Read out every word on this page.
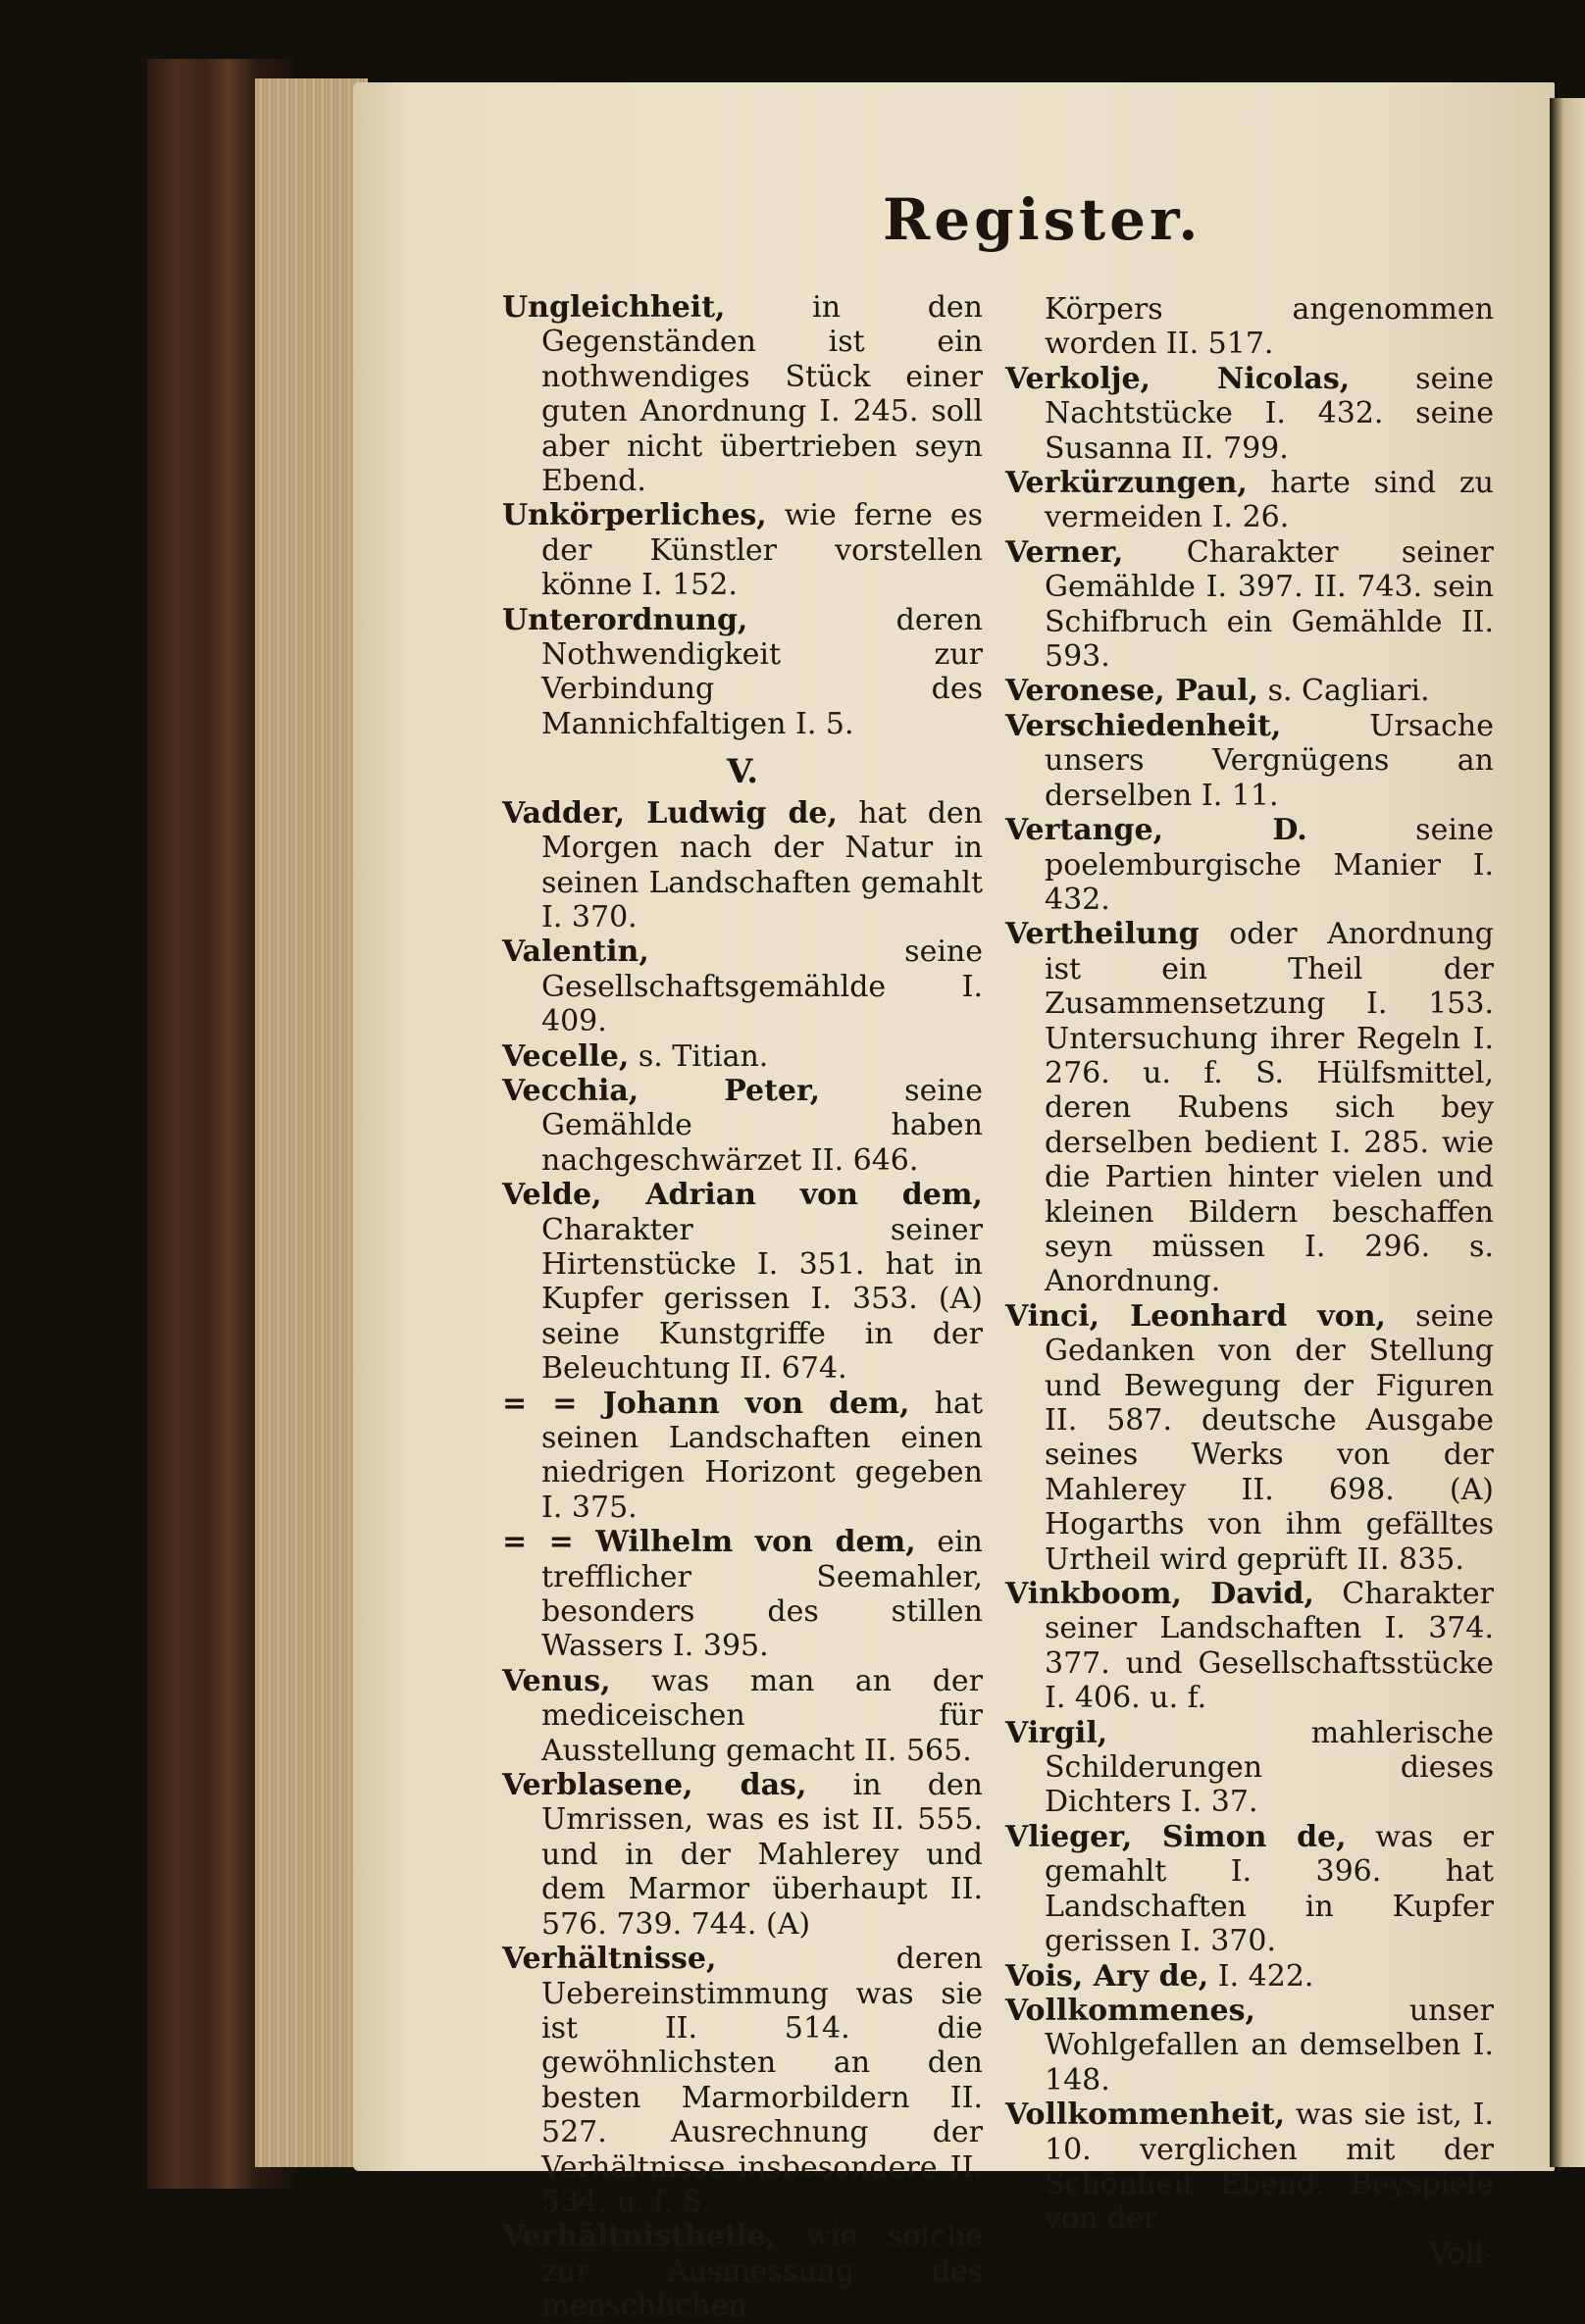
Register.

Ungleichheit,	in den Gegenständen ist ein nothwendiges Stück einer guten Anordnung I. 245. soll aber nicht übertrieben seyn Ebend.

Unkörperliches, wie ferne es der Künstler vorstellen könne I. 152.

Unterordnung,	deren Nothwendigkeit zur Verbindung des Mannichfaltigen I. 5.

V.

Vadder, Ludwig de, hat den Morgen nach der Natur in seinen Landschaften gemahlt I. 370.

Valentin,	seine Gesellschaftsgemählde I. 409.

Vecelle, s. Titian.

Vecchia, Peter,	seine Gemählde haben nachgeschwärzet II. 646.

Velde, Adrian von dem, Charakter seiner Hirtenstücke I. 351. hat in Kupfer gerissen I. 353. (A) seine Kunstgriffe in der Beleuchtung II. 674.

= = Johann von dem, hat seinen Landschaften einen niedrigen Horizont gegeben I. 375.

= = Wilhelm von dem, ein trefflicher Seemahler, besonders des stillen Wassers I. 395.

Venus, was man an der mediceischen für Ausstellung gemacht II. 565.

Verblasene, das, in den Umrissen, was es ist II. 555. und in der Mahlerey und dem Marmor überhaupt II. 576. 739. 744. (A)

Verhältnisse,	deren Uebereinstimmung was sie ist II. 514. die gewöhnlichsten an den besten Marmorbildern II. 527. Ausrechnung der Verhältnisse insbesondere II. 534. u. f. S.

Verhältnistheile, wie solche zur Ausmessung des menschlichen

Körpers angenommen worden II. 517.

Verkolje, Nicolas, seine Nachtstücke I. 432. seine Susanna II. 799.

Verkürzungen, harte sind zu vermeiden I. 26.

Verner, Charakter seiner Gemählde I. 397. II. 743. sein Schifbruch ein Gemählde II. 593.

Veronese, Paul, s. Cagliari.

Verschiedenheit,	Ursache unsers Vergnügens an derselben I. 11.

Vertange, D.	seine poelemburgische Manier I. 432.

Vertheilung oder Anordnung ist ein Theil der Zusammensetzung I. 153. Untersuchung ihrer Regeln I. 276. u. f. S. Hülfsmittel, deren Rubens sich bey derselben bedient I. 285. wie die Partien hinter vielen und kleinen Bildern beschaffen seyn müssen I. 296. s. Anordnung.

Vinci, Leonhard von, seine Gedanken von der Stellung und Bewegung der Figuren II. 587. deutsche Ausgabe seines Werks von der Mahlerey II. 698. (A) Hogarths von ihm gefälltes Urtheil wird geprüft II. 835.

Vinkboom, David, Charakter seiner Landschaften I. 374. 377. und Gesellschaftsstücke I. 406. u. f.

Virgil,	mahlerische Schilderungen dieses Dichters I. 37.

Vlieger, Simon de, was er gemahlt I. 396. hat Landschaften in Kupfer gerissen I. 370.

Vois, Ary de, I. 422.

Vollkommenes,	unser Wohlgefallen an demselben I. 148.

Vollkommenheit, was sie ist, I. 10. verglichen mit der Schönheit Ebend. Beyspiele von der

Voll-
